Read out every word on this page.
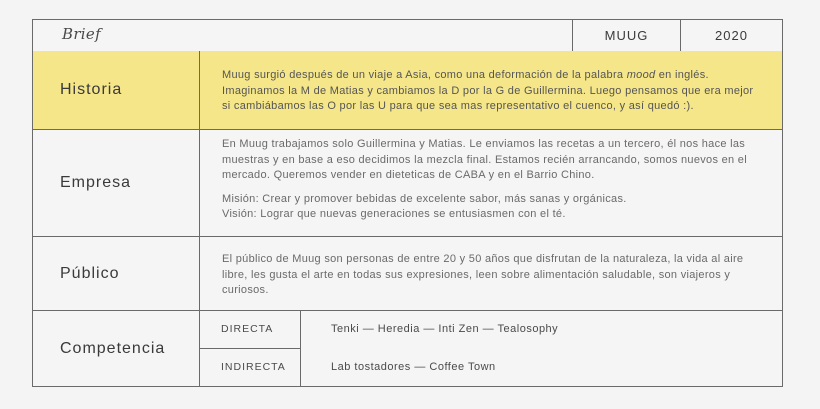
Brief	MUUG	2020
Historia
Muug surgió después de un viaje a Asia, como una deformación de la palabra mood en inglés. Imaginamos la M de Matias y cambiamos la D por la G de Guillermina. Luego pensamos que era mejor si cambiábamos las O por las U para que sea mas representativo el cuenco, y así quedó :).
Empresa
En Muug trabajamos solo Guillermina y Matias. Le enviamos las recetas a un tercero, él nos hace las muestras y en base a eso decidimos la mezcla final. Estamos recién arrancando, somos nuevos en el mercado. Queremos vender en dieteticas de CABA y en el Barrio Chino.
Misión: Crear y promover bebidas de excelente sabor, más sanas y orgánicas.
Visión: Lograr que nuevas generaciones se entusiasmen con el té.
Público
El público de Muug son personas de entre 20 y 50 años que disfrutan de la naturaleza, la vida al aire libre, les gusta el arte en todas sus expresiones, leen sobre alimentación saludable, son viajeros y curiosos.
Competencia
DIRECTA
INDIRECTA
Tenki — Heredia — Inti Zen — Tealosophy
Lab tostadores — Coffee Town
